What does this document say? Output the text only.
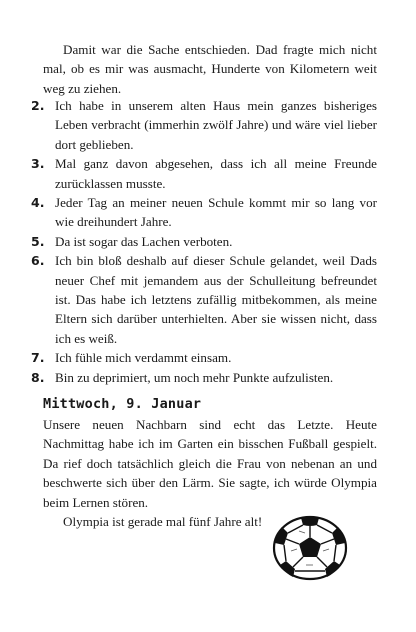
Damit war die Sache entschieden. Dad fragte mich nicht mal, ob es mir was ausmacht, Hunderte von Kilometern weit weg zu ziehen.

2. Ich habe in unserem alten Haus mein ganzes bisheriges Leben verbracht (immerhin zwölf Jahre) und wäre viel lieber dort geblieben.
3. Mal ganz davon abgesehen, dass ich all meine Freunde zurücklassen musste.
4. Jeder Tag an meiner neuen Schule kommt mir so lang vor wie dreihundert Jahre.
5. Da ist sogar das Lachen verboten.
6. Ich bin bloß deshalb auf dieser Schule gelandet, weil Dads neuer Chef mit jemandem aus der Schulleitung befreundet ist. Das habe ich letztens zufällig mitbekommen, als meine Eltern sich darüber unterhielten. Aber sie wissen nicht, dass ich es weiß.
7. Ich fühle mich verdammt einsam.
8. Bin zu deprimiert, um noch mehr Punkte aufzulisten.
Mittwoch, 9. Januar

Unsere neuen Nachbarn sind echt das Letzte. Heute Nachmittag habe ich im Garten ein bisschen Fußball gespielt. Da rief doch tatsächlich gleich die Frau von nebenan an und beschwerte sich über den Lärm. Sie sagte, ich würde Olympia beim Lernen stören.

Olympia ist gerade mal fünf Jahre alt!
